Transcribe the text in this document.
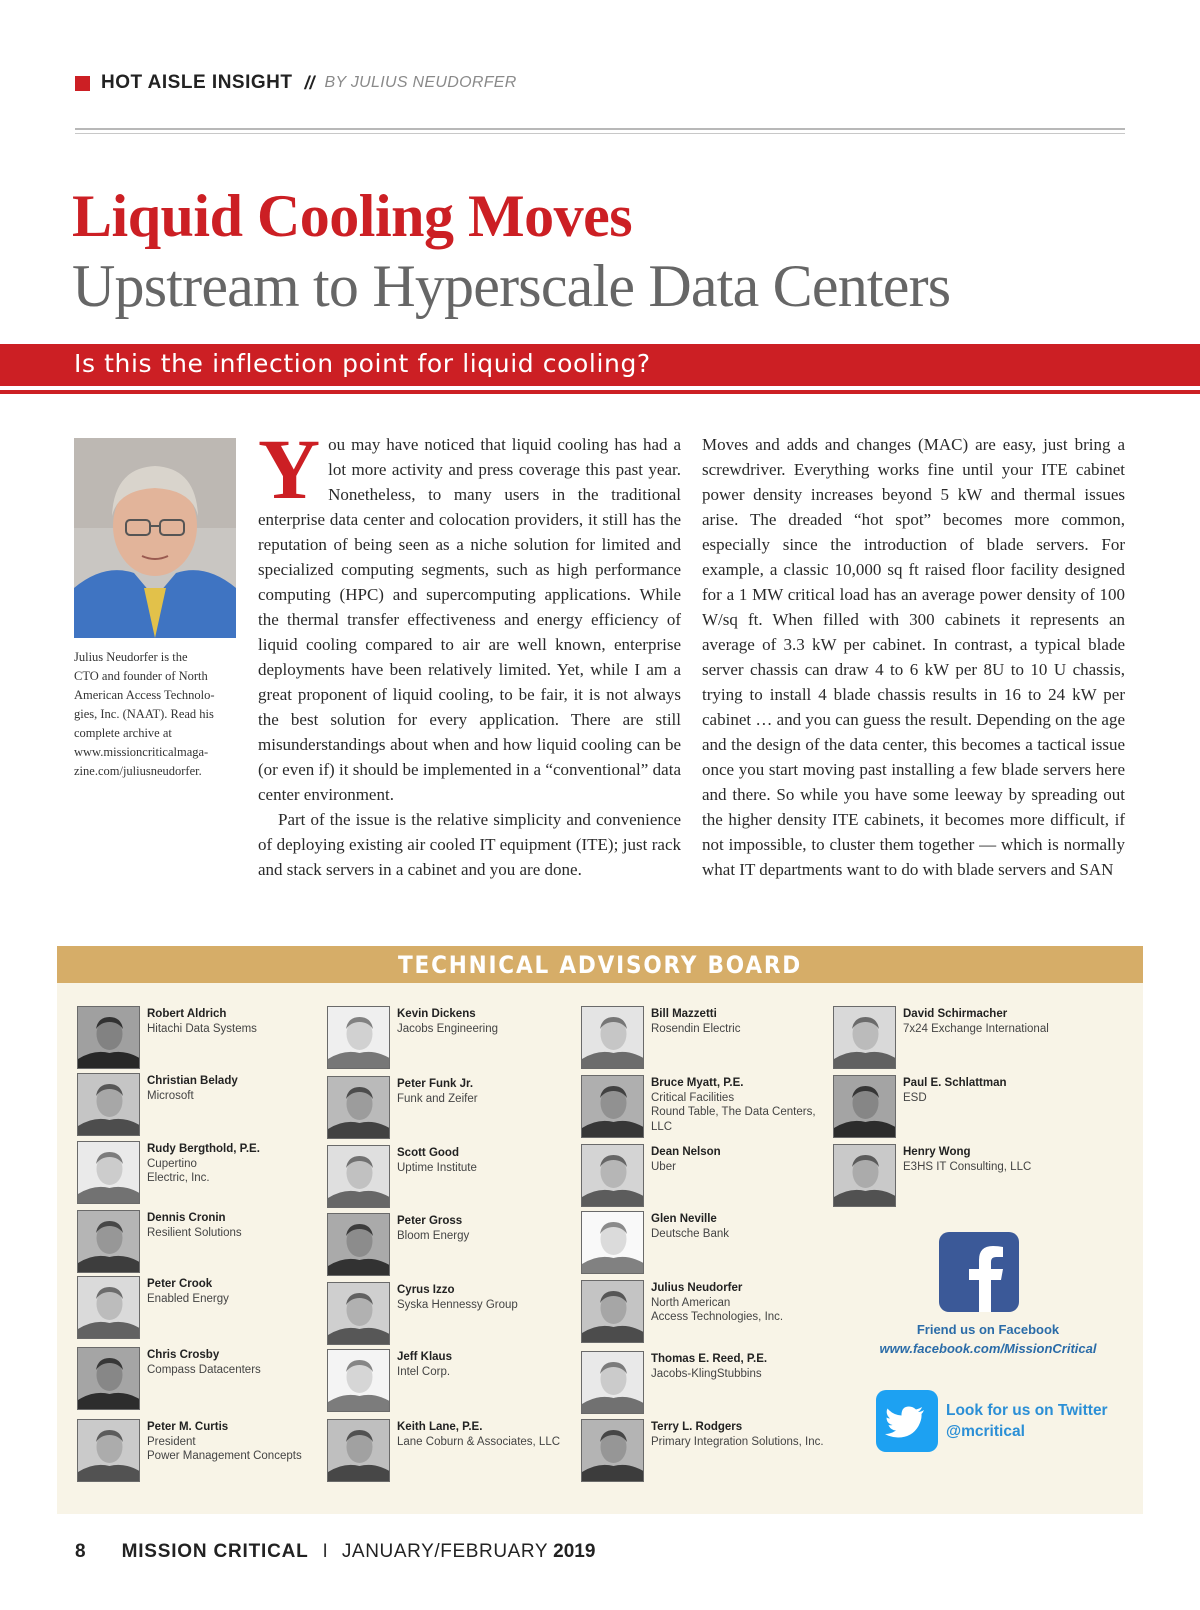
HOT AISLE INSIGHT // BY JULIUS NEUDORFER
Liquid Cooling Moves
Upstream to Hyperscale Data Centers
Is this the inflection point for liquid cooling?
Julius Neudorfer is the
CTO and founder of North
American Access Technolo-
gies, Inc. (NAAT). Read his
complete archive at
www.missioncriticalmaga-
zine.com/juliusneudorfer.

You may have noticed that liquid cooling has had a lot more activity and press coverage this past year. Nonetheless, to many users in the traditional enterprise data center and colocation providers, it still has the reputation of being seen as a niche solution for limited and specialized computing segments, such as high performance computing (HPC) and supercomputing applications. While the thermal transfer effectiveness and energy efficiency of liquid cooling compared to air are well known, enterprise deployments have been relatively limited. Yet, while I am a great proponent of liquid cooling, to be fair, it is not always the best solution for every application. There are still misunderstandings about when and how liquid cooling can be (or even if) it should be implemented in a “conventional” data center environment.

Part of the issue is the relative simplicity and convenience of deploying existing air cooled IT equipment (ITE); just rack and stack servers in a cabinet and you are done.

Moves and adds and changes (MAC) are easy, just bring a screwdriver. Everything works fine until your ITE cabinet power density increases beyond 5 kW and thermal issues arise. The dreaded “hot spot” becomes more common, especially since the introduction of blade servers. For example, a classic 10,000 sq ft raised floor facility designed for a 1 MW critical load has an average power density of 100 W/sq ft. When filled with 300 cabinets it represents an average of 3.3 kW per cabinet. In contrast, a typical blade server chassis can draw 4 to 6 kW per 8U to 10 U chassis, trying to install 4 blade chassis results in 16 to 24 kW per cabinet … and you can guess the result. Depending on the age and the design of the data center, this becomes a tactical issue once you start moving past installing a few blade servers here and there. So while you have some leeway by spreading out the higher density ITE cabinets, it becomes more difficult, if not impossible, to cluster them together — which is normally what IT departments want to do with blade servers and SAN

TECHNICAL ADVISORY BOARD
Robert Aldrich
Hitachi Data Systems
Christian Belady
Microsoft
Rudy Bergthold, P.E.
Cupertino
Electric, Inc.
Dennis Cronin
Resilient Solutions
Peter Crook
Enabled Energy
Chris Crosby
Compass Datacenters
Peter M. Curtis
President
Power Management Concepts
Kevin Dickens
Jacobs Engineering
Peter Funk Jr.
Funk and Zeifer
Scott Good
Uptime Institute
Peter Gross
Bloom Energy
Cyrus Izzo
Syska Hennessy Group
Jeff Klaus
Intel Corp.
Keith Lane, P.E.
Lane Coburn & Associates, LLC
Bill Mazzetti
Rosendin Electric
Bruce Myatt, P.E.
Critical Facilities
Round Table, The Data Centers,
LLC
Dean Nelson
Uber
Glen Neville
Deutsche Bank
Julius Neudorfer
North American
Access Technologies, Inc.
Thomas E. Reed, P.E.
Jacobs-KlingStubbins
Terry L. Rodgers
Primary Integration Solutions, Inc.
David Schirmacher
7x24 Exchange International
Paul E. Schlattman
ESD
Henry Wong
E3HS IT Consulting, LLC
Friend us on Facebook
www.facebook.com/MissionCritical
Look for us on Twitter
@mcritical
8 MISSION CRITICAL I JANUARY/FEBRUARY 2019
